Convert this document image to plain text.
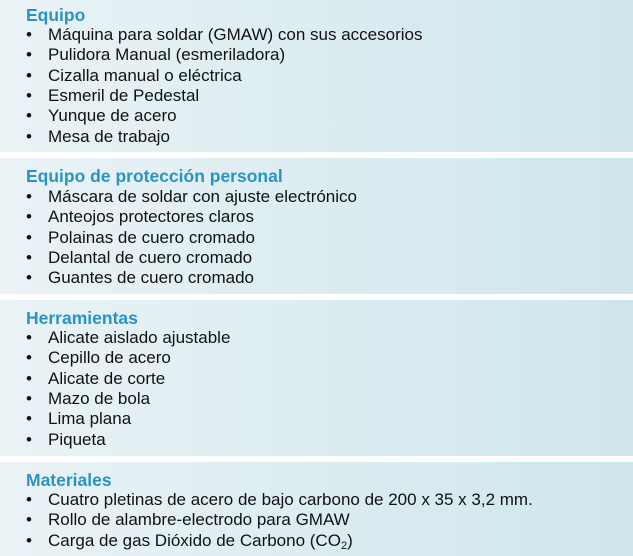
Equipo
• Máquina para soldar (GMAW) con sus accesorios
• Pulidora Manual (esmeriladora)
• Cizalla manual o eléctrica
• Esmeril de Pedestal
• Yunque de acero
• Mesa de trabajo
Equipo de protección personal
• Máscara de soldar con ajuste electrónico
• Anteojos protectores claros
• Polainas de cuero cromado
• Delantal de cuero cromado
• Guantes de cuero cromado
Herramientas
• Alicate aislado ajustable
• Cepillo de acero
• Alicate de corte
• Mazo de bola
• Lima plana
• Piqueta
Materiales
• Cuatro pletinas de acero de bajo carbono de 200 x 35 x 3,2 mm.
• Rollo de alambre-electrodo para GMAW
• Carga de gas Dióxido de Carbono $(CO_2)$
